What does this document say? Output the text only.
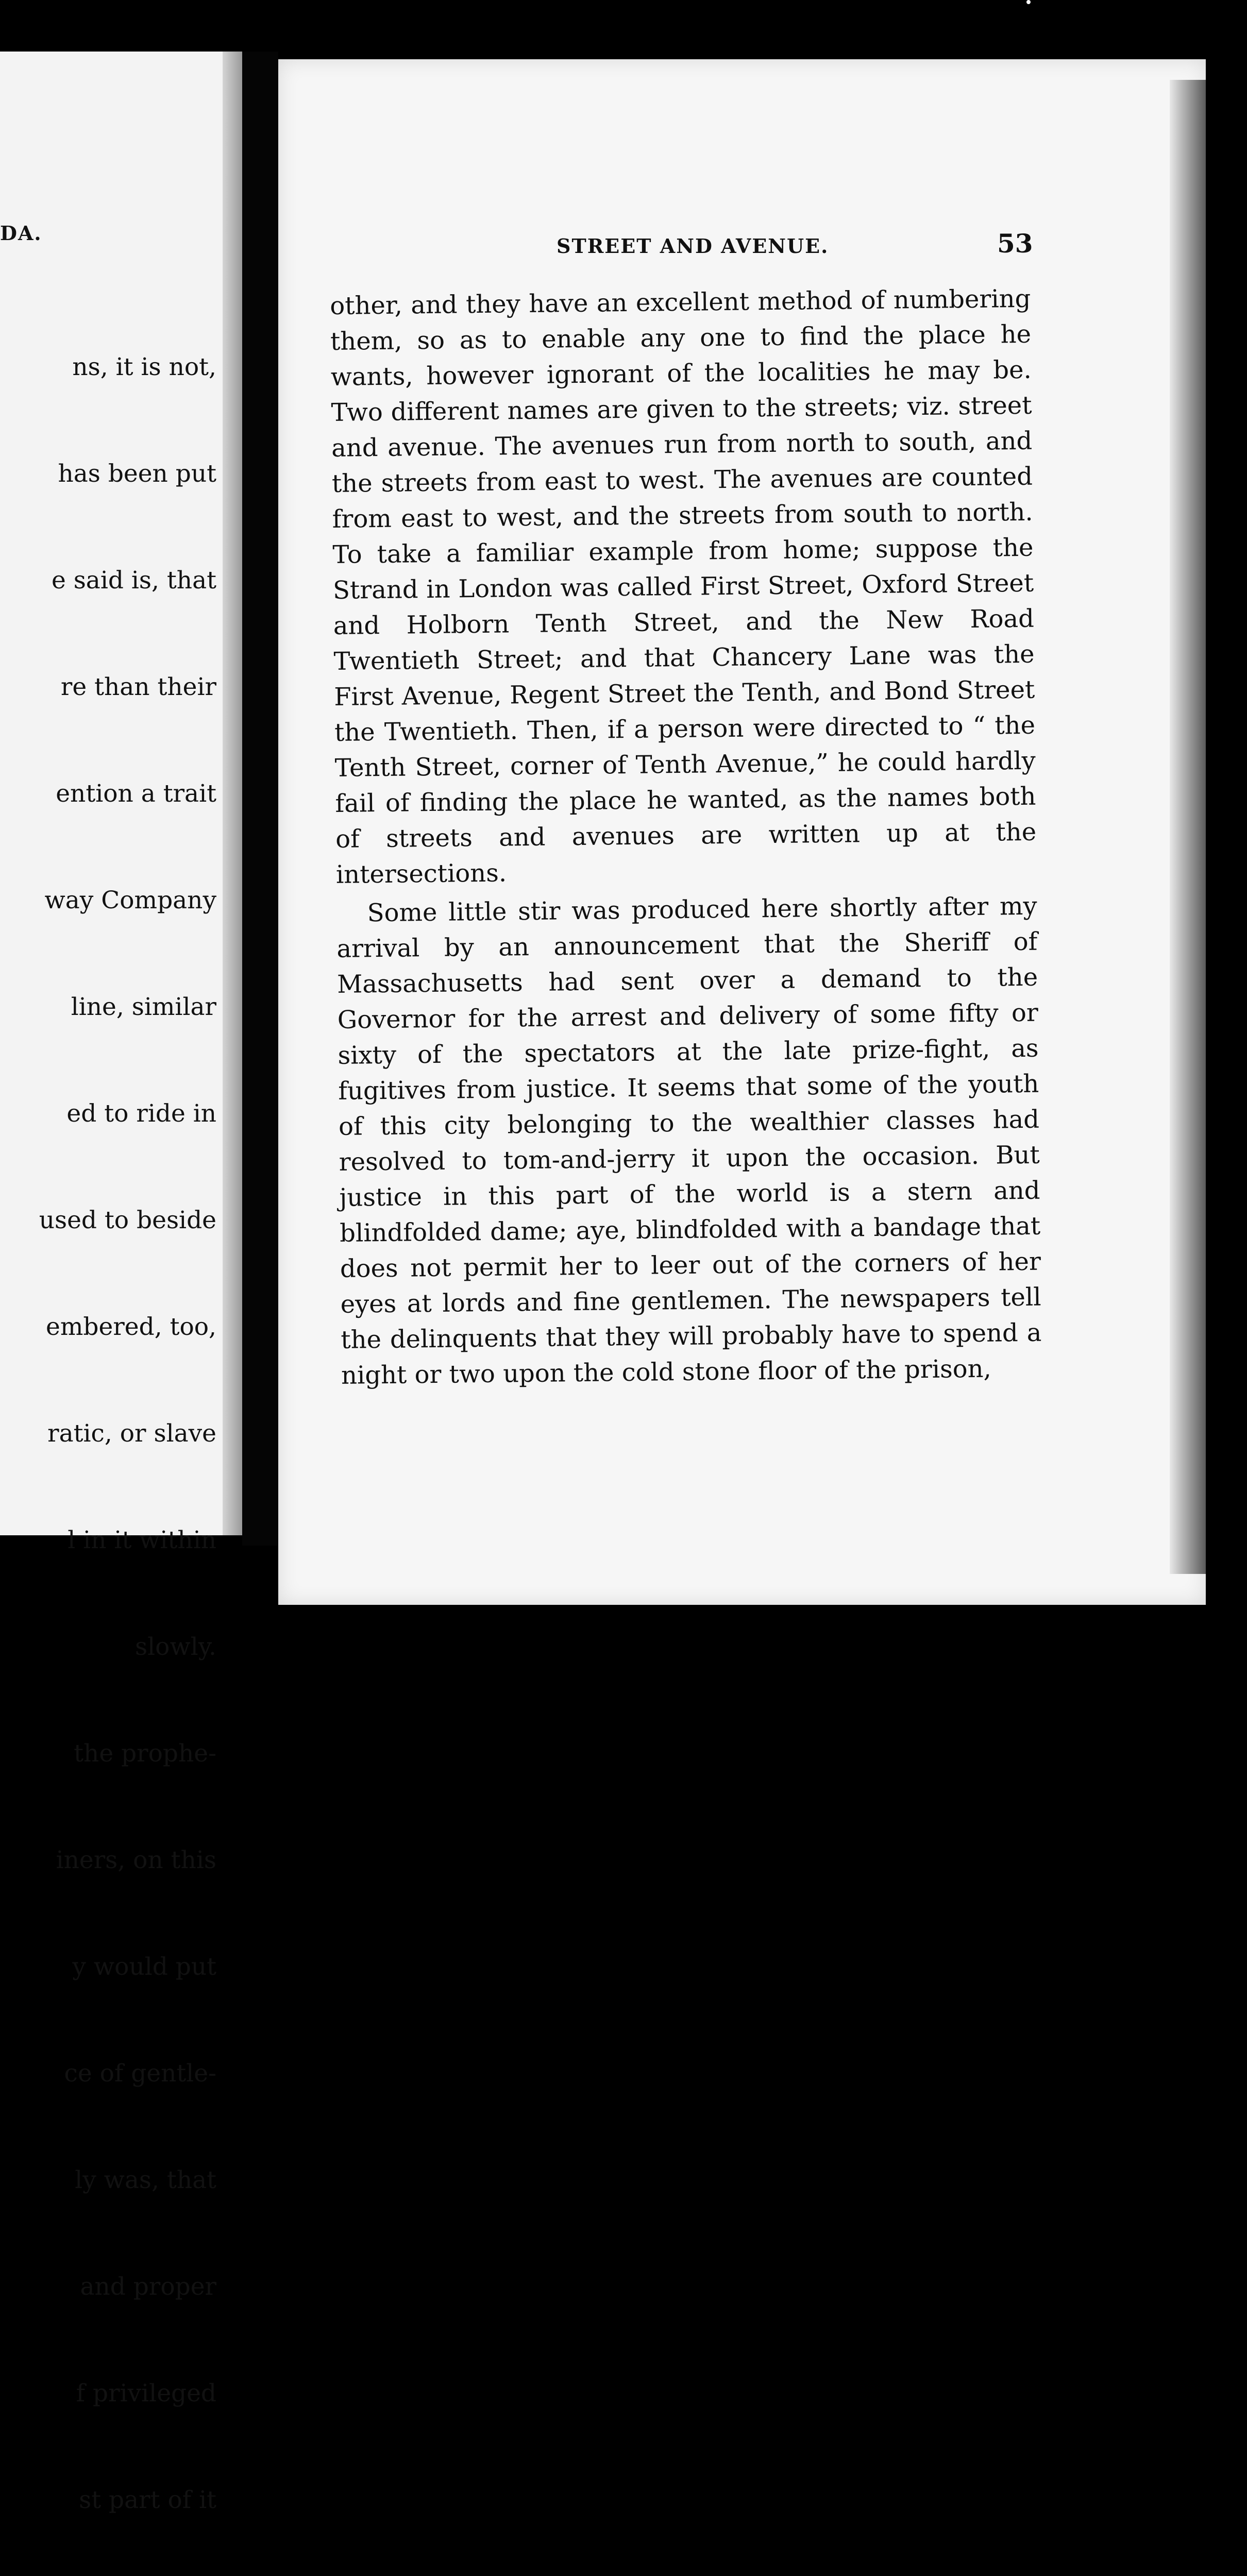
DA.

ns, it is not,

has been put

e said is, that

re than their

ention a trait

way Company

line, similar

ed to ride in

used to beside

embered, too,

ratic, or slave

l in it within

slowly.

the prophe-

iners, on this

y would put

ce of gentle-

ly was, that

and proper

f privileged

st part of it

STREET AND AVENUE.	53

other, and they have an excellent method of numbering them, so as to enable any one to find the place he wants, however ignorant of the localities he may be. Two different names are given to the streets; viz. street and avenue. The avenues run from north to south, and the streets from east to west. The avenues are counted from east to west, and the streets from south to north. To take a familiar example from home; suppose the Strand in London was called First Street, Oxford Street and Holborn Tenth Street, and the New Road Twentieth Street; and that Chancery Lane was the First Avenue, Regent Street the Tenth, and Bond Street the Twentieth. Then, if a person were directed to “ the Tenth Street, corner of Tenth Avenue,” he could hardly fail of finding the place he wanted, as the names both of streets and avenues are written up at the intersections.

Some little stir was produced here shortly after my arrival by an announcement that the Sheriff of Massachusetts had sent over a demand to the Governor for the arrest and delivery of some fifty or sixty of the spectators at the late prize-fight, as fugitives from justice. It seems that some of the youth of this city belonging to the wealthier classes had resolved to tom-and-jerry it upon the occasion. But justice in this part of the world is a stern and blindfolded dame; aye, blindfolded with a bandage that does not permit her to leer out of the corners of her eyes at lords and fine gentlemen. The newspapers tell the delinquents that they will probably have to spend a night or two upon the cold stone floor of the prison,
